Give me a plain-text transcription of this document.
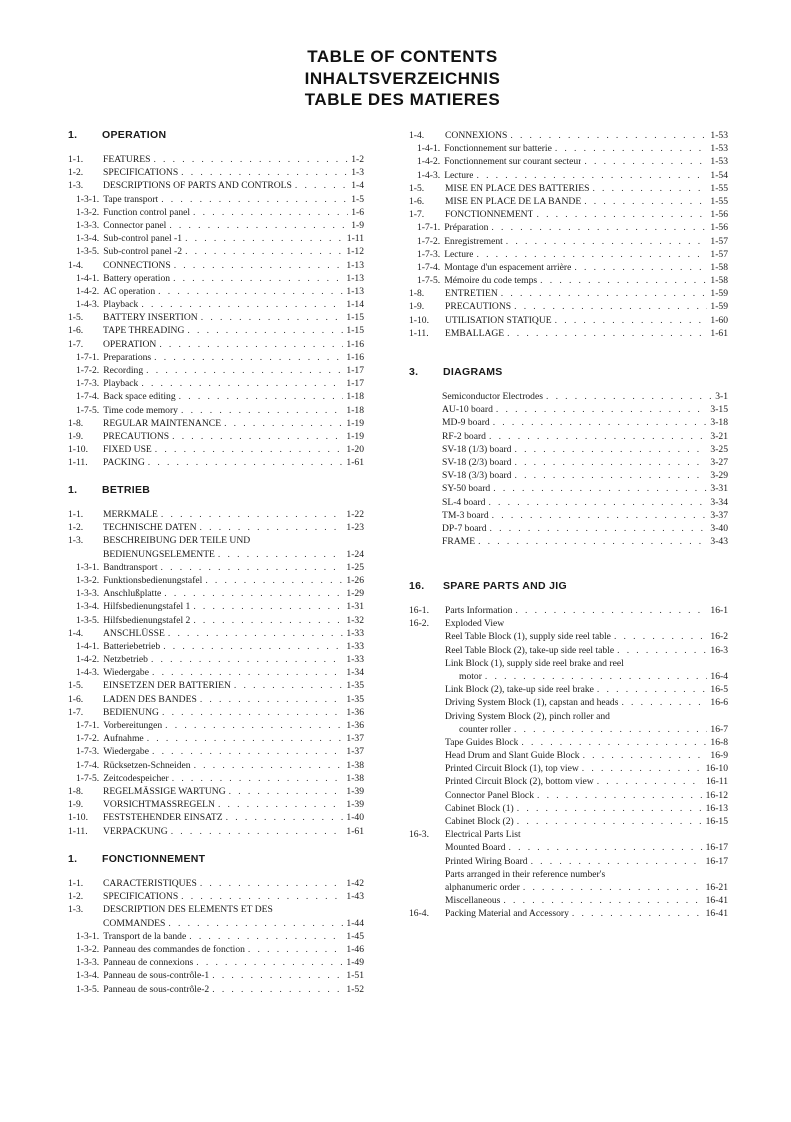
TABLE OF CONTENTS
INHALTSVERZEICHNIS
TABLE DES MATIERES
1.	OPERATION
1-1.	FEATURES . . .	1-2
1-2.	SPECIFICATIONS . . .	1-3
1-3.	DESCRIPTIONS OF PARTS AND CONTROLS . . .	1-4
1-3-1. Tape transport . . .	1-5
1-3-2. Function control panel . . .	1-6
1-3-3. Connector panel . . .	1-9
1-3-4. Sub-control panel -1 . . .	1-11
1-3-5. Sub-control panel -2 . . .	1-12
1-4.	CONNECTIONS . . .	1-13
1-4-1. Battery operation . . .	1-13
1-4-2. AC operation . . .	1-13
1-4-3. Playback . . .	1-14
1-5.	BATTERY INSERTION . . .	1-15
1-6.	TAPE THREADING . . .	1-15
1-7.	OPERATION . . .	1-16
1-7-1. Preparations . . .	1-16
1-7-2. Recording . . .	1-17
1-7-3. Playback . . .	1-17
1-7-4. Back space editing . . .	1-18
1-7-5. Time code memory . . .	1-18
1-8.	REGULAR MAINTENANCE . . .	1-19
1-9.	PRECAUTIONS . . .	1-19
1-10.	FIXED USE . . .	1-20
1-11.	PACKING . . .	1-61
1.	BETRIEB
1-1.	MERKMALE . . .	1-22
1-2.	TECHNISCHE DATEN . . .	1-23
1-3.	BESCHREIBUNG DER TEILE UND
BEDIENUNGSELEMENTE . . .	1-24
1-3-1. Bandtransport . . .	1-25
1-3-2. Funktionsbedienungstafel . . .	1-26
1-3-3. Anschlußplatte . . .	1-29
1-3-4. Hilfsbedienungstafel 1 . . .	1-31
1-3-5. Hilfsbedienungstafel 2 . . .	1-32
1-4.	ANSCHLÜSSE . . .	1-33
1-4-1. Batteriebetrieb . . .	1-33
1-4-2. Netzbetrieb . . .	1-33
1-4-3. Wiedergabe . . .	1-34
1-5.	EINSETZEN DER BATTERIEN . . .	1-35
1-6.	LADEN DES BANDES . . .	1-35
1-7.	BEDIENUNG . . .	1-36
1-7-1. Vorbereitungen . . .	1-36
1-7-2. Aufnahme . . .	1-37
1-7-3. Wiedergabe . . .	1-37
1-7-4. Rücksetzen-Schneiden . . .	1-38
1-7-5. Zeitcodespeicher . . .	1-38
1-8.	REGELMÄSSIGE WARTUNG . . .	1-39
1-9.	VORSICHTMASSREGELN . . .	1-39
1-10.	FESTSTEHENDER EINSATZ . . .	1-40
1-11.	VERPACKUNG . . .	1-61
1.	FONCTIONNEMENT
1-1.	CARACTERISTIQUES . . .	1-42
1-2.	SPECIFICATIONS . . .	1-43
1-3.	DESCRIPTION DES ELEMENTS ET DES
COMMANDES . . .	1-44
1-3-1. Transport de la bande . . .	1-45
1-3-2. Panneau des commandes de fonction . . .	1-46
1-3-3. Panneau de connexions . . .	1-49
1-3-4. Panneau de sous-contrôle-1 . . .	1-51
1-3-5. Panneau de sous-contrôle-2 . . .	1-52
1-4.	CONNEXIONS . . .	1-53
1-4-1. Fonctionnement sur batterie . . .	1-53
1-4-2. Fonctionnement sur courant secteur . . .	1-53
1-4-3. Lecture . . .	1-54
1-5.	MISE EN PLACE DES BATTERIES . . .	1-55
1-6.	MISE EN PLACE DE LA BANDE . . .	1-55
1-7.	FONCTIONNEMENT . . .	1-56
1-7-1. Préparation . . .	1-56
1-7-2. Enregistrement . . .	1-57
1-7-3. Lecture . . .	1-57
1-7-4. Montage d'un espacement arrière . . .	1-58
1-7-5. Mémoire du code temps . . .	1-58
1-8.	ENTRETIEN . . .	1-59
1-9.	PRECAUTIONS . . .	1-59
1-10.	UTILISATION STATIQUE . . .	1-60
1-11.	EMBALLAGE . . .	1-61
3.	DIAGRAMS
Semiconductor Electrodes . . .	3-1
AU-10 board . . .	3-15
MD-9 board . . .	3-18
RF-2 board . . .	3-21
SV-18 (1/3) board . . .	3-25
SV-18 (2/3) board . . .	3-27
SV-18 (3/3) board . . .	3-29
SY-50 board . . .	3-31
SL-4 board . . .	3-34
TM-3 board . . .	3-37
DP-7 board . . .	3-40
FRAME . . .	3-43
16.	SPARE PARTS AND JIG
16-1.	Parts Information . . .	16-1
16-2.	Exploded View
Reel Table Block (1), supply side reel table . . .	16-2
Reel Table Block (2), take-up side reel table . . .	16-3
Link Block (1), supply side reel brake and reel
motor . . .	16-4
Link Block (2), take-up side reel brake . . .	16-5
Driving System Block (1), capstan and heads . . .	16-6
Driving System Block (2), pinch roller and
counter roller . . .	16-7
Tape Guides Block . . .	16-8
Head Drum and Slant Guide Block . . .	16-9
Printed Circuit Block (1), top view . . .	16-10
Printed Circuit Block (2), bottom view . . .	16-11
Connector Panel Block . . .	16-12
Cabinet Block (1) . . .	16-13
Cabinet Block (2) . . .	16-15
16-3.	Electrical Parts List
Mounted Board . . .	16-17
Printed Wiring Board . . .	16-17
Parts arranged in their reference number's
alphanumeric order . . .	16-21
Miscellaneous . . .	16-41
16-4.	Packing Material and Accessory . . .	16-41
